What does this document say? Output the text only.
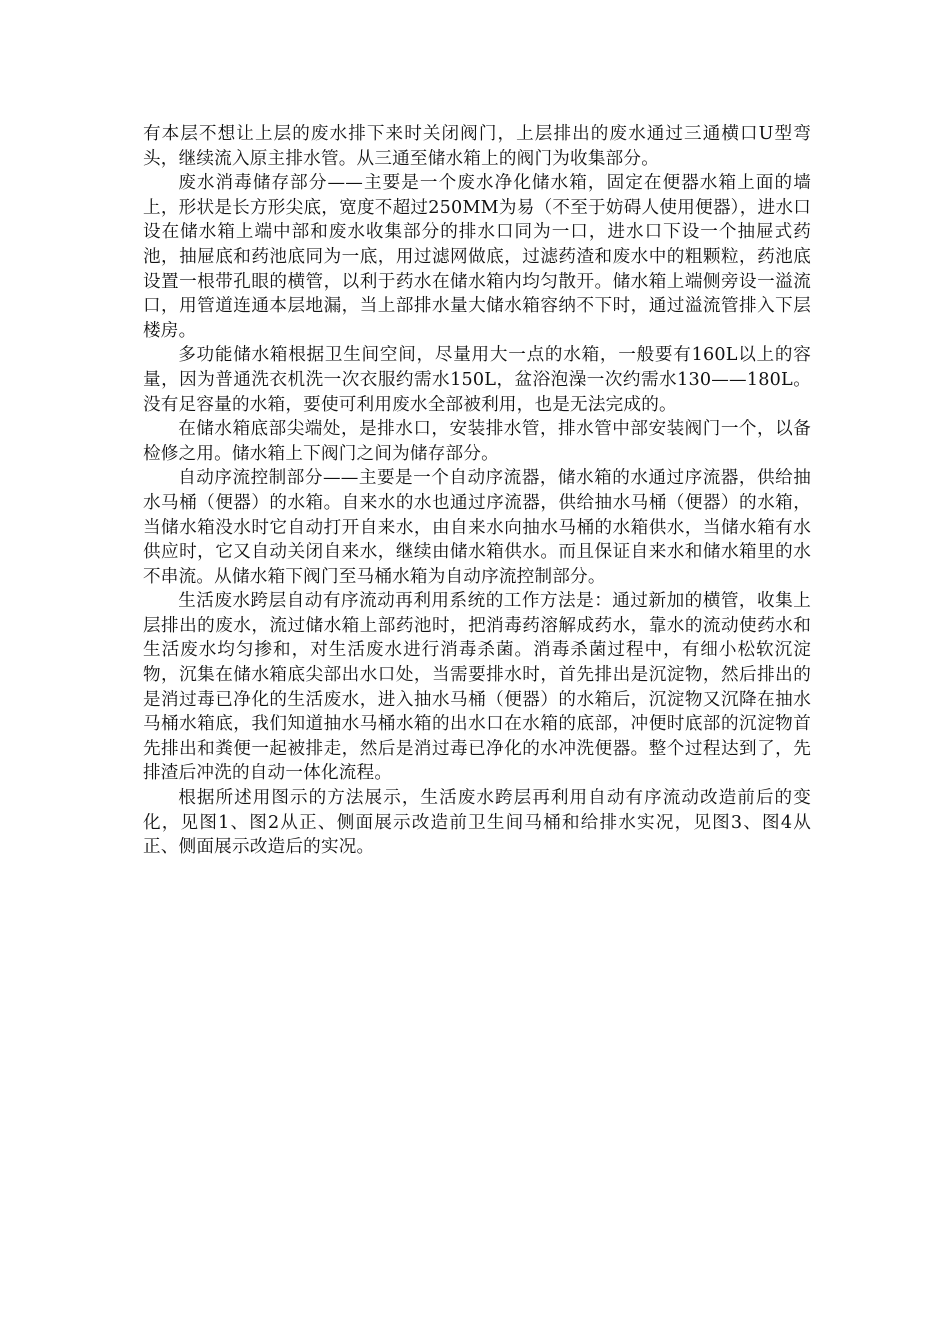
有本层不想让上层的废水排下来时关闭阀门，上层排出的废水通过三通横口U型弯头，继续流入原主排水管。从三通至储水箱上的阀门为收集部分。

废水消毒储存部分——主要是一个废水净化储水箱，固定在便器水箱上面的墙上，形状是长方形尖底，宽度不超过250MM为易（不至于妨碍人使用便器），进水口设在储水箱上端中部和废水收集部分的排水口同为一口，进水口下设一个抽屉式药池，抽屉底和药池底同为一底，用过滤网做底，过滤药渣和废水中的粗颗粒，药池底设置一根带孔眼的横管，以利于药水在储水箱内均匀散开。储水箱上端侧旁设一溢流口，用管道连通本层地漏，当上部排水量大储水箱容纳不下时，通过溢流管排入下层楼房。

多功能储水箱根据卫生间空间，尽量用大一点的水箱，一般要有160L以上的容量，因为普通洗衣机洗一次衣服约需水150L，盆浴泡澡一次约需水130——180L。没有足容量的水箱，要使可利用废水全部被利用，也是无法完成的。

在储水箱底部尖端处，是排水口，安装排水管，排水管中部安装阀门一个，以备检修之用。储水箱上下阀门之间为储存部分。

自动序流控制部分——主要是一个自动序流器，储水箱的水通过序流器，供给抽水马桶（便器）的水箱。自来水的水也通过序流器，供给抽水马桶（便器）的水箱，当储水箱没水时它自动打开自来水，由自来水向抽水马桶的水箱供水，当储水箱有水供应时，它又自动关闭自来水，继续由储水箱供水。而且保证自来水和储水箱里的水不串流。从储水箱下阀门至马桶水箱为自动序流控制部分。

生活废水跨层自动有序流动再利用系统的工作方法是：通过新加的横管，收集上层排出的废水，流过储水箱上部药池时，把消毒药溶解成药水，靠水的流动使药水和生活废水均匀掺和，对生活废水进行消毒杀菌。消毒杀菌过程中，有细小松软沉淀物，沉集在储水箱底尖部出水口处，当需要排水时，首先排出是沉淀物，然后排出的是消过毒已净化的生活废水，进入抽水马桶（便器）的水箱后，沉淀物又沉降在抽水马桶水箱底，我们知道抽水马桶水箱的出水口在水箱的底部，冲便时底部的沉淀物首先排出和粪便一起被排走，然后是消过毒已净化的水冲洗便器。整个过程达到了，先排渣后冲洗的自动一体化流程。

根据所述用图示的方法展示，生活废水跨层再利用自动有序流动改造前后的变化，见图1、图2从正、侧面展示改造前卫生间马桶和给排水实况，见图3、图4从正、侧面展示改造后的实况。
